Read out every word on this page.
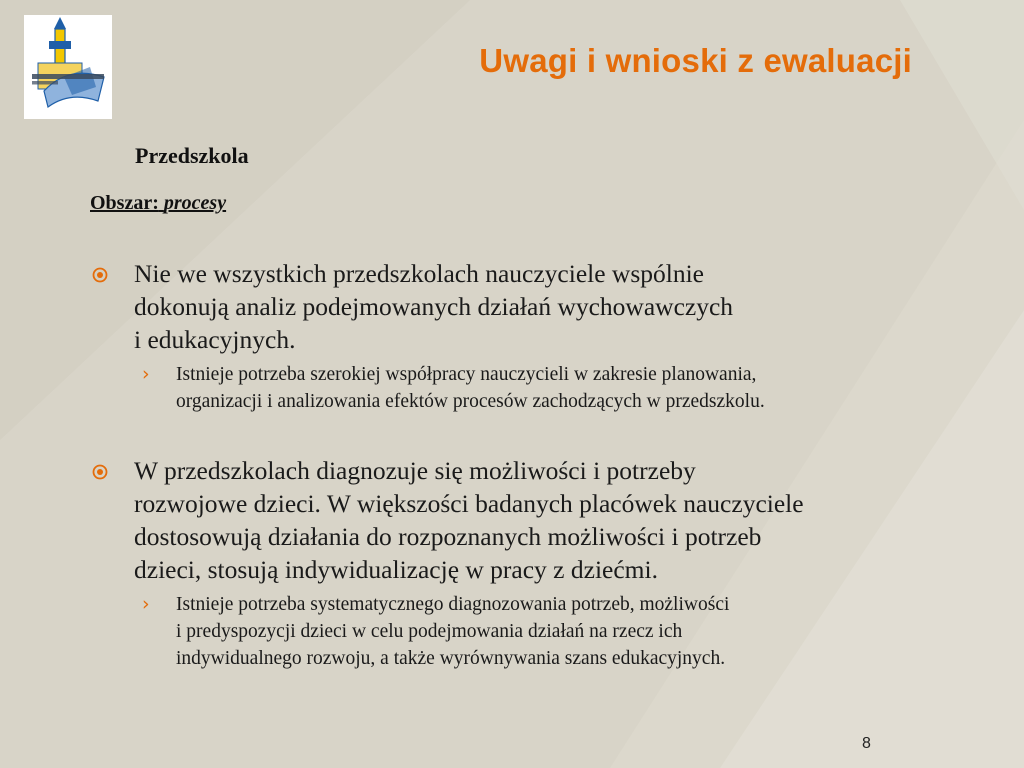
Uwagi i wnioski z ewaluacji

Przedszkola

Obszar: procesy

Nie we wszystkich przedszkolach nauczyciele wspólnie
dokonują analiz podejmowanych działań wychowawczych
i edukacyjnych.
› Istnieje potrzeba szerokiej współpracy nauczycieli w zakresie planowania,
organizacji i analizowania efektów procesów zachodzących w przedszkolu.
W przedszkolach diagnozuje się możliwości i potrzeby
rozwojowe dzieci. W większości badanych placówek nauczyciele
dostosowują działania do rozpoznanych możliwości i potrzeb
dzieci, stosują indywidualizację w pracy z dziećmi.
› Istnieje potrzeba systematycznego diagnozowania potrzeb, możliwości
i predyspozycji dzieci w celu podejmowania działań na rzecz ich
indywidualnego rozwoju, a także wyrównywania szans edukacyjnych.

8
